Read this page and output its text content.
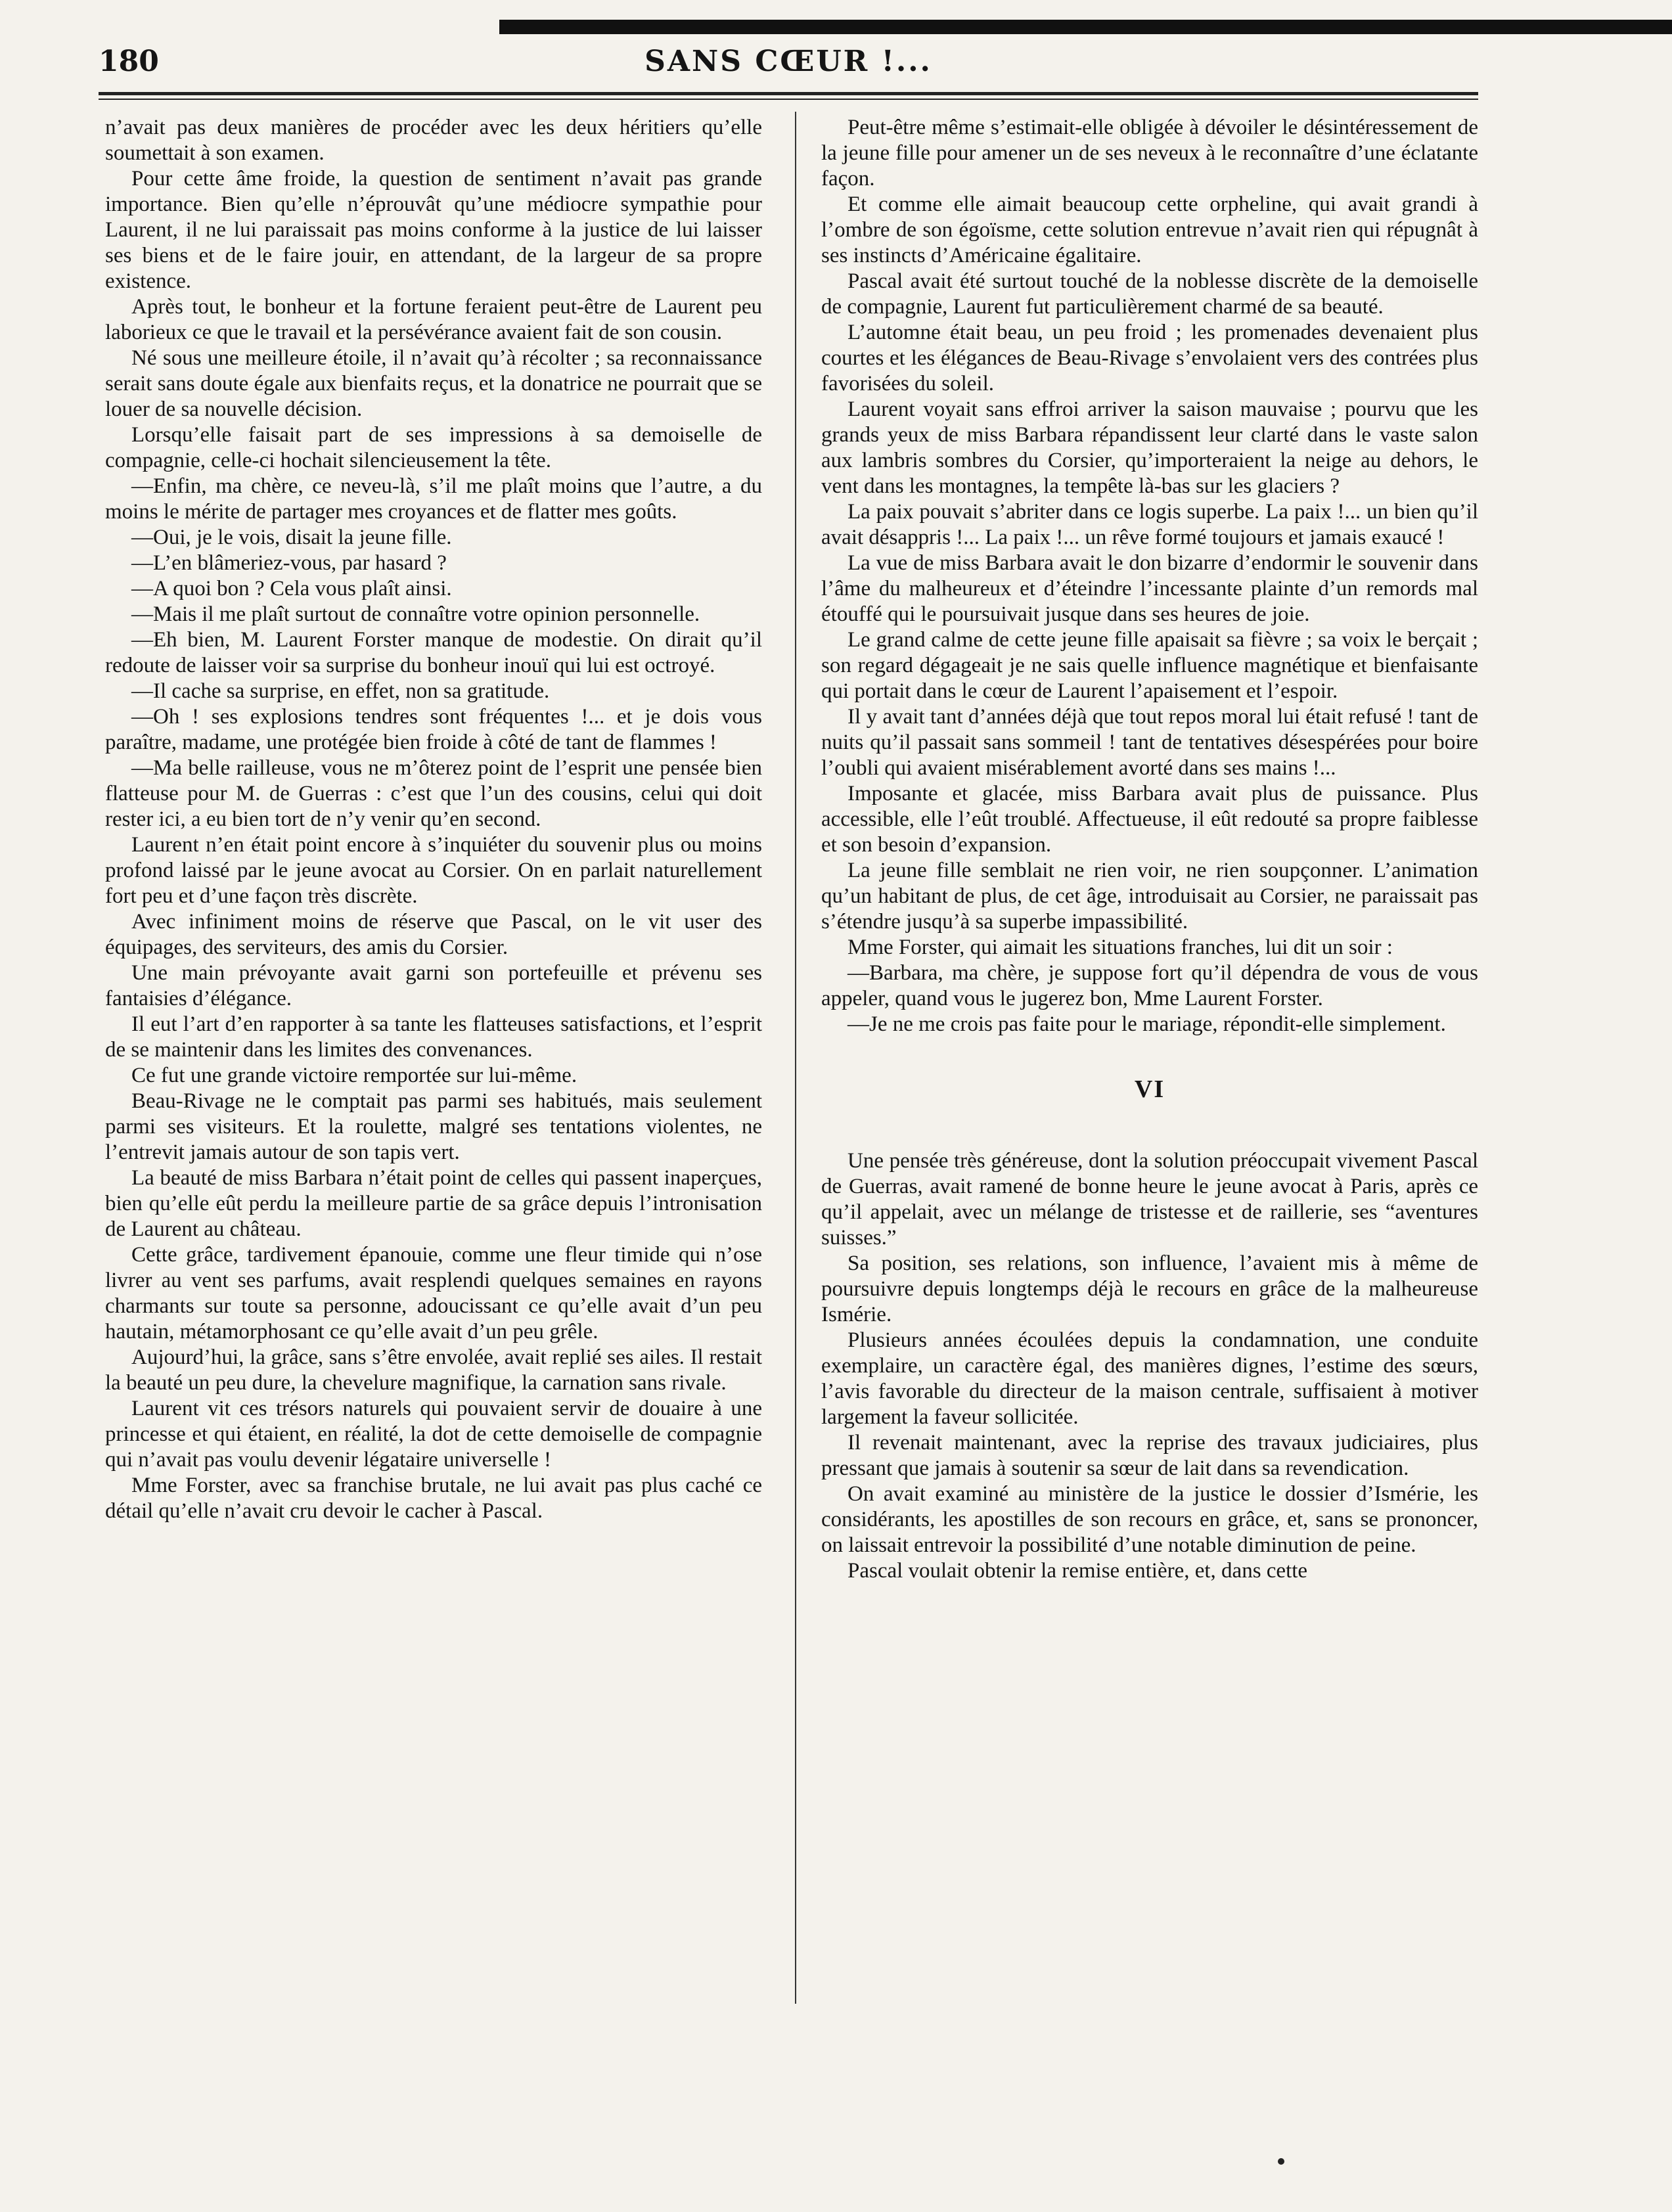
180	SANS CŒUR !...

n’avait pas deux manières de procéder avec les deux héritiers qu’elle soumettait à son examen.

Pour cette âme froide, la question de sentiment n’avait pas grande importance. Bien qu’elle n’éprouvât qu’une médiocre sympathie pour Laurent, il ne lui paraissait pas moins conforme à la justice de lui laisser ses biens et de le faire jouir, en attendant, de la largeur de sa propre existence.

Après tout, le bonheur et la fortune feraient peut-être de Laurent peu laborieux ce que le travail et la persévérance avaient fait de son cousin.

Né sous une meilleure étoile, il n’avait qu’à récolter ; sa reconnaissance serait sans doute égale aux bienfaits reçus, et la donatrice ne pourrait que se louer de sa nouvelle décision.

Lorsqu’elle faisait part de ses impressions à sa demoiselle de compagnie, celle-ci hochait silencieusement la tête.

—Enfin, ma chère, ce neveu-là, s’il me plaît moins que l’autre, a du moins le mérite de partager mes croyances et de flatter mes goûts.

—Oui, je le vois, disait la jeune fille.

—L’en blâmeriez-vous, par hasard ?

—A quoi bon ? Cela vous plaît ainsi.

—Mais il me plaît surtout de connaître votre opinion personnelle.

—Eh bien, M. Laurent Forster manque de modestie. On dirait qu’il redoute de laisser voir sa surprise du bonheur inouï qui lui est octroyé.

—Il cache sa surprise, en effet, non sa gratitude.

—Oh ! ses explosions tendres sont fréquentes !... et je dois vous paraître, madame, une protégée bien froide à côté de tant de flammes !

—Ma belle railleuse, vous ne m’ôterez point de l’esprit une pensée bien flatteuse pour M. de Guerras : c’est que l’un des cousins, celui qui doit rester ici, a eu bien tort de n’y venir qu’en second.

Laurent n’en était point encore à s’inquiéter du souvenir plus ou moins profond laissé par le jeune avocat au Corsier. On en parlait naturellement fort peu et d’une façon très discrète.

Avec infiniment moins de réserve que Pascal, on le vit user des équipages, des serviteurs, des amis du Corsier.

Une main prévoyante avait garni son portefeuille et prévenu ses fantaisies d’élégance.

Il eut l’art d’en rapporter à sa tante les flatteuses satisfactions, et l’esprit de se maintenir dans les limites des convenances.

Ce fut une grande victoire remportée sur lui-même.

Beau-Rivage ne le comptait pas parmi ses habitués, mais seulement parmi ses visiteurs. Et la roulette, malgré ses tentations violentes, ne l’entrevit jamais autour de son tapis vert.

La beauté de miss Barbara n’était point de celles qui passent inaperçues, bien qu’elle eût perdu la meilleure partie de sa grâce depuis l’intronisation de Laurent au château.

Cette grâce, tardivement épanouie, comme une fleur timide qui n’ose livrer au vent ses parfums, avait resplendi quelques semaines en rayons charmants sur toute sa personne, adoucissant ce qu’elle avait d’un peu hautain, métamorphosant ce qu’elle avait d’un peu grêle.

Aujourd’hui, la grâce, sans s’être envolée, avait replié ses ailes. Il restait la beauté un peu dure, la chevelure magnifique, la carnation sans rivale.

Laurent vit ces trésors naturels qui pouvaient servir de douaire à une princesse et qui étaient, en réalité, la dot de cette demoiselle de compagnie qui n’avait pas voulu devenir légataire universelle !

Mme Forster, avec sa franchise brutale, ne lui avait pas plus caché ce détail qu’elle n’avait cru devoir le cacher à Pascal.

Peut-être même s’estimait-elle obligée à dévoiler le désintéressement de la jeune fille pour amener un de ses neveux à le reconnaître d’une éclatante façon.

Et comme elle aimait beaucoup cette orpheline, qui avait grandi à l’ombre de son égoïsme, cette solution entrevue n’avait rien qui répugnât à ses instincts d’Américaine égalitaire.

Pascal avait été surtout touché de la noblesse discrète de la demoiselle de compagnie, Laurent fut particulièrement charmé de sa beauté.

L’automne était beau, un peu froid ; les promenades devenaient plus courtes et les élégances de Beau-Rivage s’envolaient vers des contrées plus favorisées du soleil.

Laurent voyait sans effroi arriver la saison mauvaise ; pourvu que les grands yeux de miss Barbara répandissent leur clarté dans le vaste salon aux lambris sombres du Corsier, qu’importeraient la neige au dehors, le vent dans les montagnes, la tempête là-bas sur les glaciers ?

La paix pouvait s’abriter dans ce logis superbe. La paix !... un bien qu’il avait désappris !... La paix !... un rêve formé toujours et jamais exaucé !

La vue de miss Barbara avait le don bizarre d’endormir le souvenir dans l’âme du malheureux et d’éteindre l’incessante plainte d’un remords mal étouffé qui le poursuivait jusque dans ses heures de joie.

Le grand calme de cette jeune fille apaisait sa fièvre ; sa voix le berçait ; son regard dégageait je ne sais quelle influence magnétique et bienfaisante qui portait dans le cœur de Laurent l’apaisement et l’espoir.

Il y avait tant d’années déjà que tout repos moral lui était refusé ! tant de nuits qu’il passait sans sommeil ! tant de tentatives désespérées pour boire l’oubli qui avaient misérablement avorté dans ses mains !...

Imposante et glacée, miss Barbara avait plus de puissance. Plus accessible, elle l’eût troublé. Affectueuse, il eût redouté sa propre faiblesse et son besoin d’expansion.

La jeune fille semblait ne rien voir, ne rien soupçonner. L’animation qu’un habitant de plus, de cet âge, introduisait au Corsier, ne paraissait pas s’étendre jusqu’à sa superbe impassibilité.

Mme Forster, qui aimait les situations franches, lui dit un soir :

—Barbara, ma chère, je suppose fort qu’il dépendra de vous de vous appeler, quand vous le jugerez bon, Mme Laurent Forster.

—Je ne me crois pas faite pour le mariage, répondit-elle simplement.

VI

Une pensée très généreuse, dont la solution préoccupait vivement Pascal de Guerras, avait ramené de bonne heure le jeune avocat à Paris, après ce qu’il appelait, avec un mélange de tristesse et de raillerie, ses “aventures suisses.”

Sa position, ses relations, son influence, l’avaient mis à même de poursuivre depuis longtemps déjà le recours en grâce de la malheureuse Ismérie.

Plusieurs années écoulées depuis la condamnation, une conduite exemplaire, un caractère égal, des manières dignes, l’estime des sœurs, l’avis favorable du directeur de la maison centrale, suffisaient à motiver largement la faveur sollicitée.

Il revenait maintenant, avec la reprise des travaux judiciaires, plus pressant que jamais à soutenir sa sœur de lait dans sa revendication.

On avait examiné au ministère de la justice le dossier d’Ismérie, les considérants, les apostilles de son recours en grâce, et, sans se prononcer, on laissait entrevoir la possibilité d’une notable diminution de peine.

Pascal voulait obtenir la remise entière, et, dans cette
